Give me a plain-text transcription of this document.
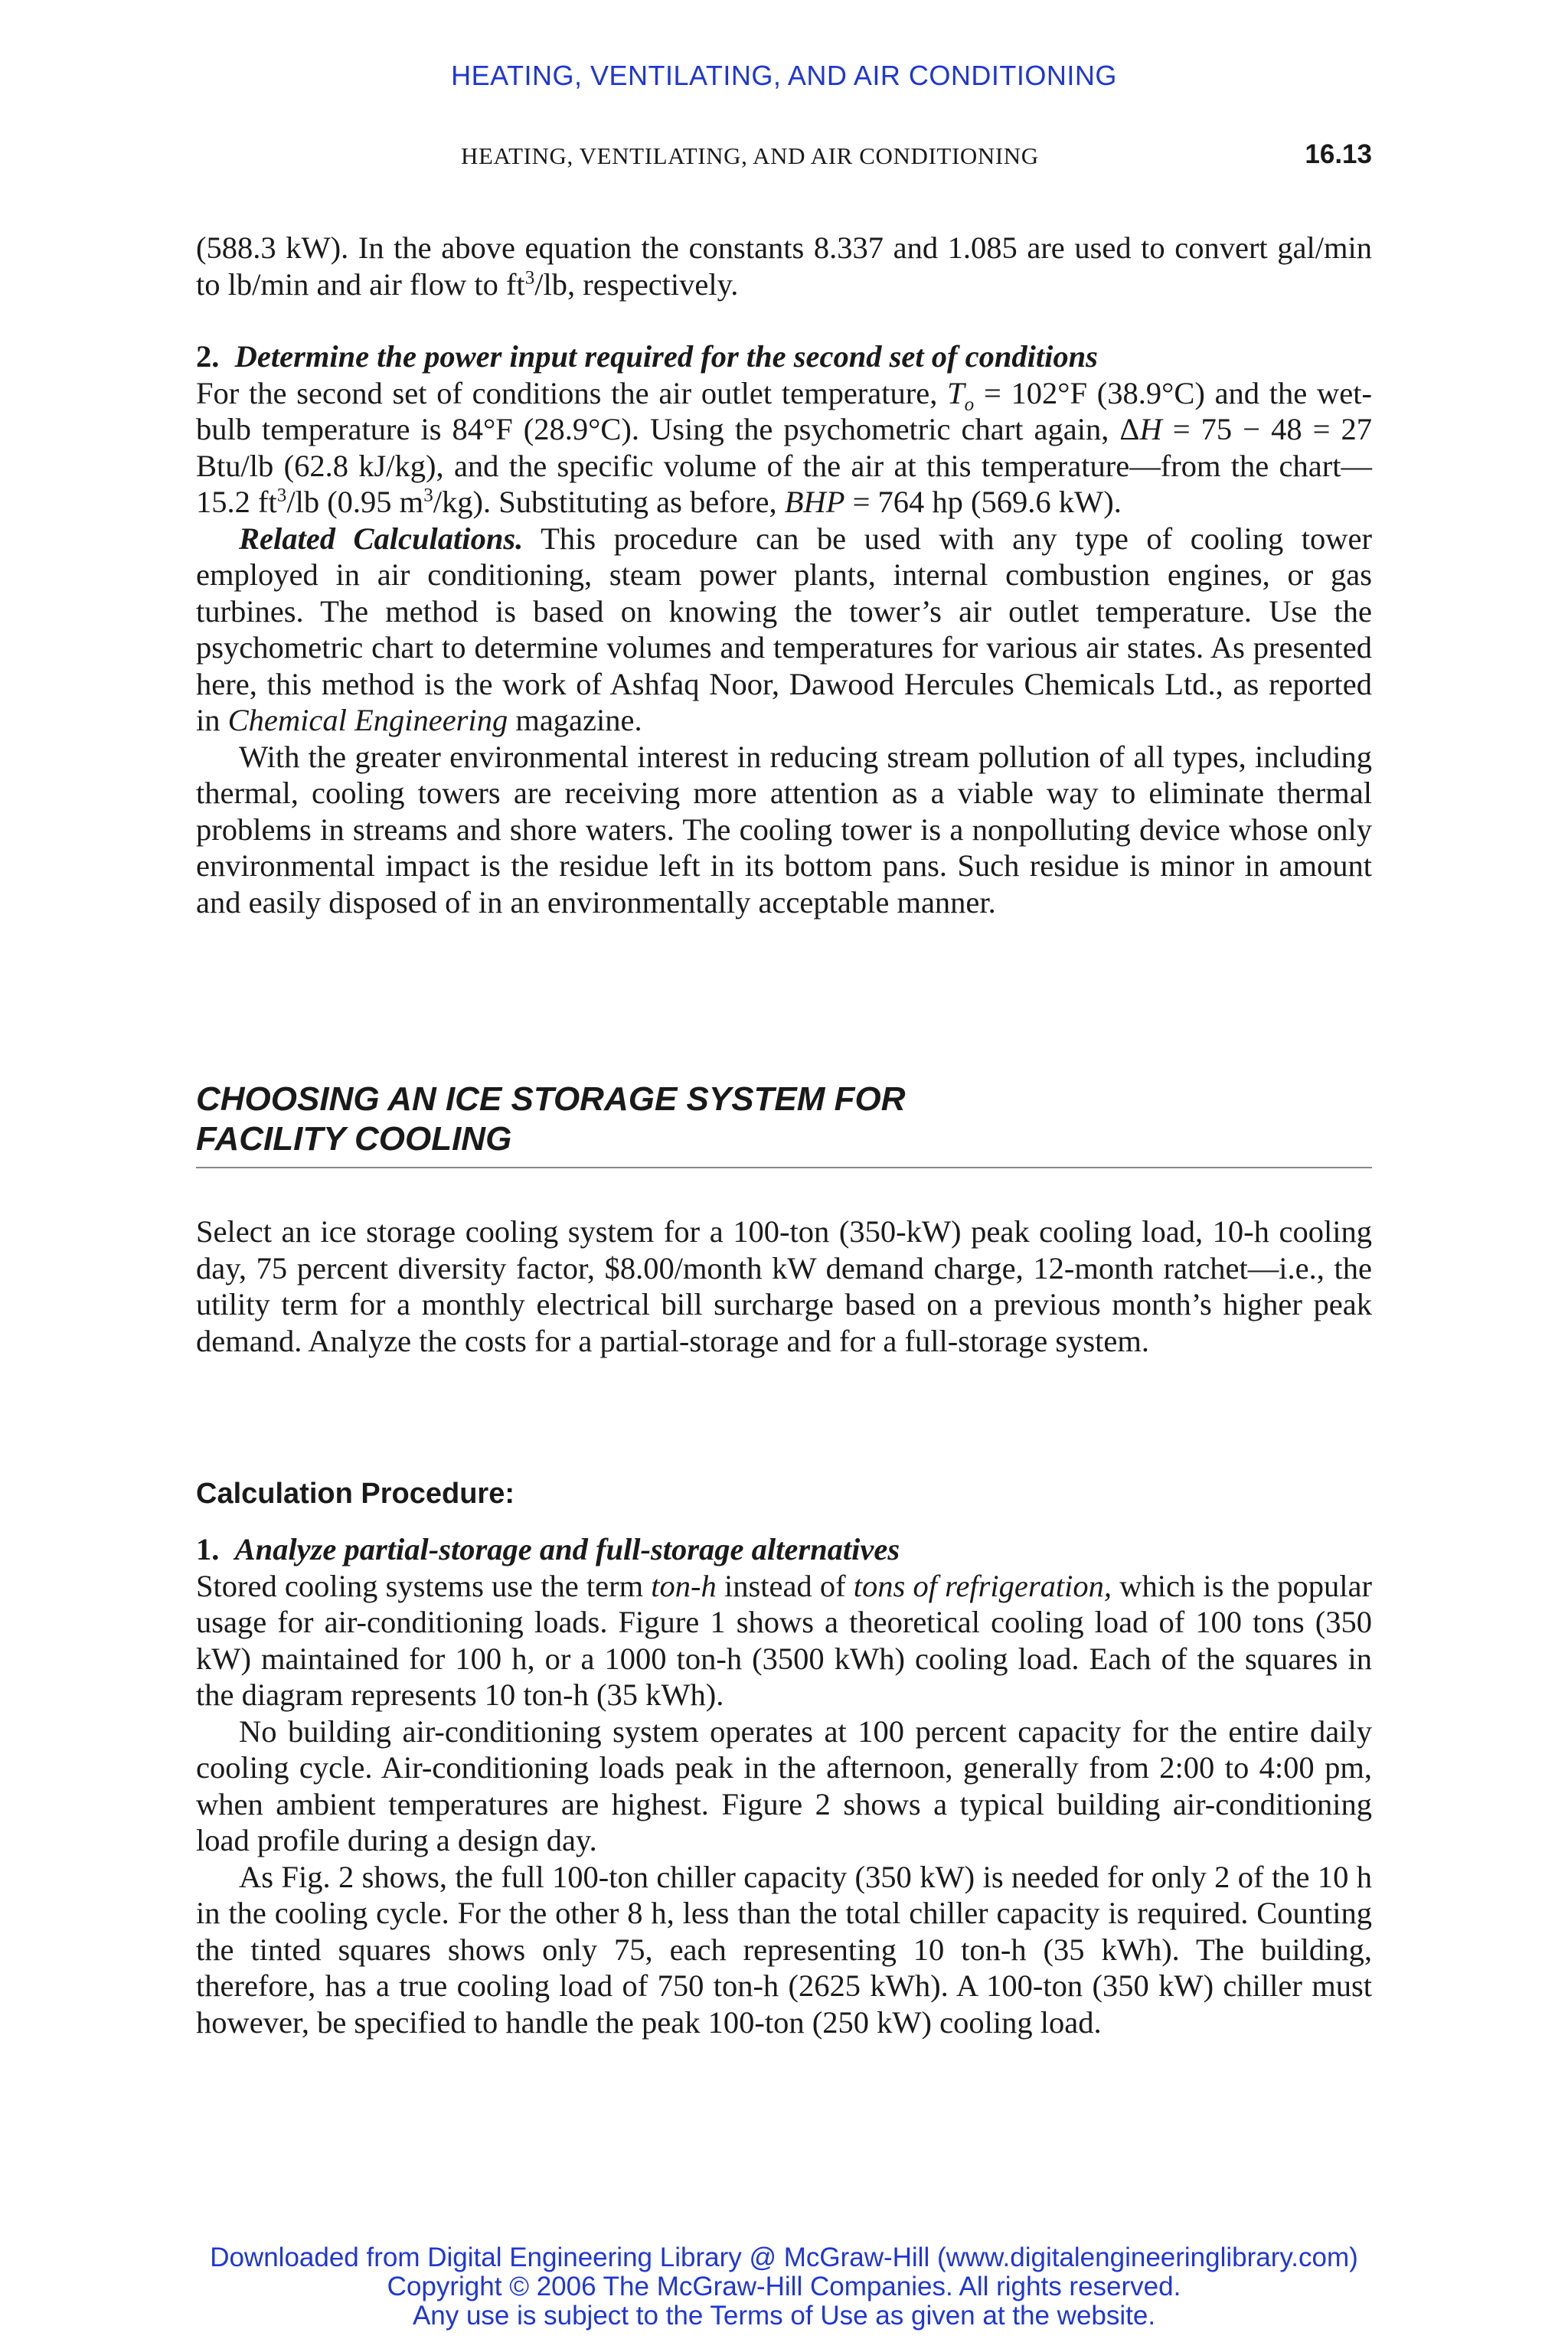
HEATING, VENTILATING, AND AIR CONDITIONING
HEATING, VENTILATING, AND AIR CONDITIONING	16.13

(588.3 kW). In the above equation the constants 8.337 and 1.085 are used to convert gal/min to lb/min and air flow to $ft^3/lb$, respectively.

2. Determine the power input required for the second set of conditions
For the second set of conditions the air outlet temperature, $T_o = 102^\circ F$ (38.9°C) and the wet-bulb temperature is 84°F (28.9°C). Using the psychometric chart again, ΔH = 75 − 48 = 27 Btu/lb (62.8 kJ/kg), and the specific volume of the air at this temperature—from the chart—15.2 $ft^3/lb$ (0.95 $m^3/kg$). Substituting as before, BHP = 764 hp (569.6 kW).

Related Calculations. This procedure can be used with any type of cooling tower employed in air conditioning, steam power plants, internal combustion engines, or gas turbines. The method is based on knowing the tower’s air outlet temperature. Use the psychometric chart to determine volumes and temperatures for various air states. As presented here, this method is the work of Ashfaq Noor, Dawood Hercules Chemicals Ltd., as reported in Chemical Engineering magazine.

With the greater environmental interest in reducing stream pollution of all types, including thermal, cooling towers are receiving more attention as a viable way to eliminate thermal problems in streams and shore waters. The cooling tower is a nonpolluting device whose only environmental impact is the residue left in its bottom pans. Such residue is minor in amount and easily disposed of in an environmentally acceptable manner.

CHOOSING AN ICE STORAGE SYSTEM FOR
FACILITY COOLING

Select an ice storage cooling system for a 100-ton (350-kW) peak cooling load, 10-h cooling day, 75 percent diversity factor, $8.00/month kW demand charge, 12-month ratchet—i.e., the utility term for a monthly electrical bill surcharge based on a previous month’s higher peak demand. Analyze the costs for a partial-storage and for a full-storage system.

Calculation Procedure:

1. Analyze partial-storage and full-storage alternatives
Stored cooling systems use the term ton-h instead of tons of refrigeration, which is the popular usage for air-conditioning loads. Figure 1 shows a theoretical cooling load of 100 tons (350 kW) maintained for 100 h, or a 1000 ton-h (3500 kWh) cooling load. Each of the squares in the diagram represents 10 ton-h (35 kWh).

No building air-conditioning system operates at 100 percent capacity for the entire daily cooling cycle. Air-conditioning loads peak in the afternoon, generally from 2:00 to 4:00 pm, when ambient temperatures are highest. Figure 2 shows a typical building air-conditioning load profile during a design day.

As Fig. 2 shows, the full 100-ton chiller capacity (350 kW) is needed for only 2 of the 10 h in the cooling cycle. For the other 8 h, less than the total chiller capacity is required. Counting the tinted squares shows only 75, each representing 10 ton-h (35 kWh). The building, therefore, has a true cooling load of 750 ton-h (2625 kWh). A 100-ton (350 kW) chiller must however, be specified to handle the peak 100-ton (250 kW) cooling load.

Downloaded from Digital Engineering Library @ McGraw-Hill (www.digitalengineeringlibrary.com)
Copyright © 2006 The McGraw-Hill Companies. All rights reserved.
Any use is subject to the Terms of Use as given at the website.
